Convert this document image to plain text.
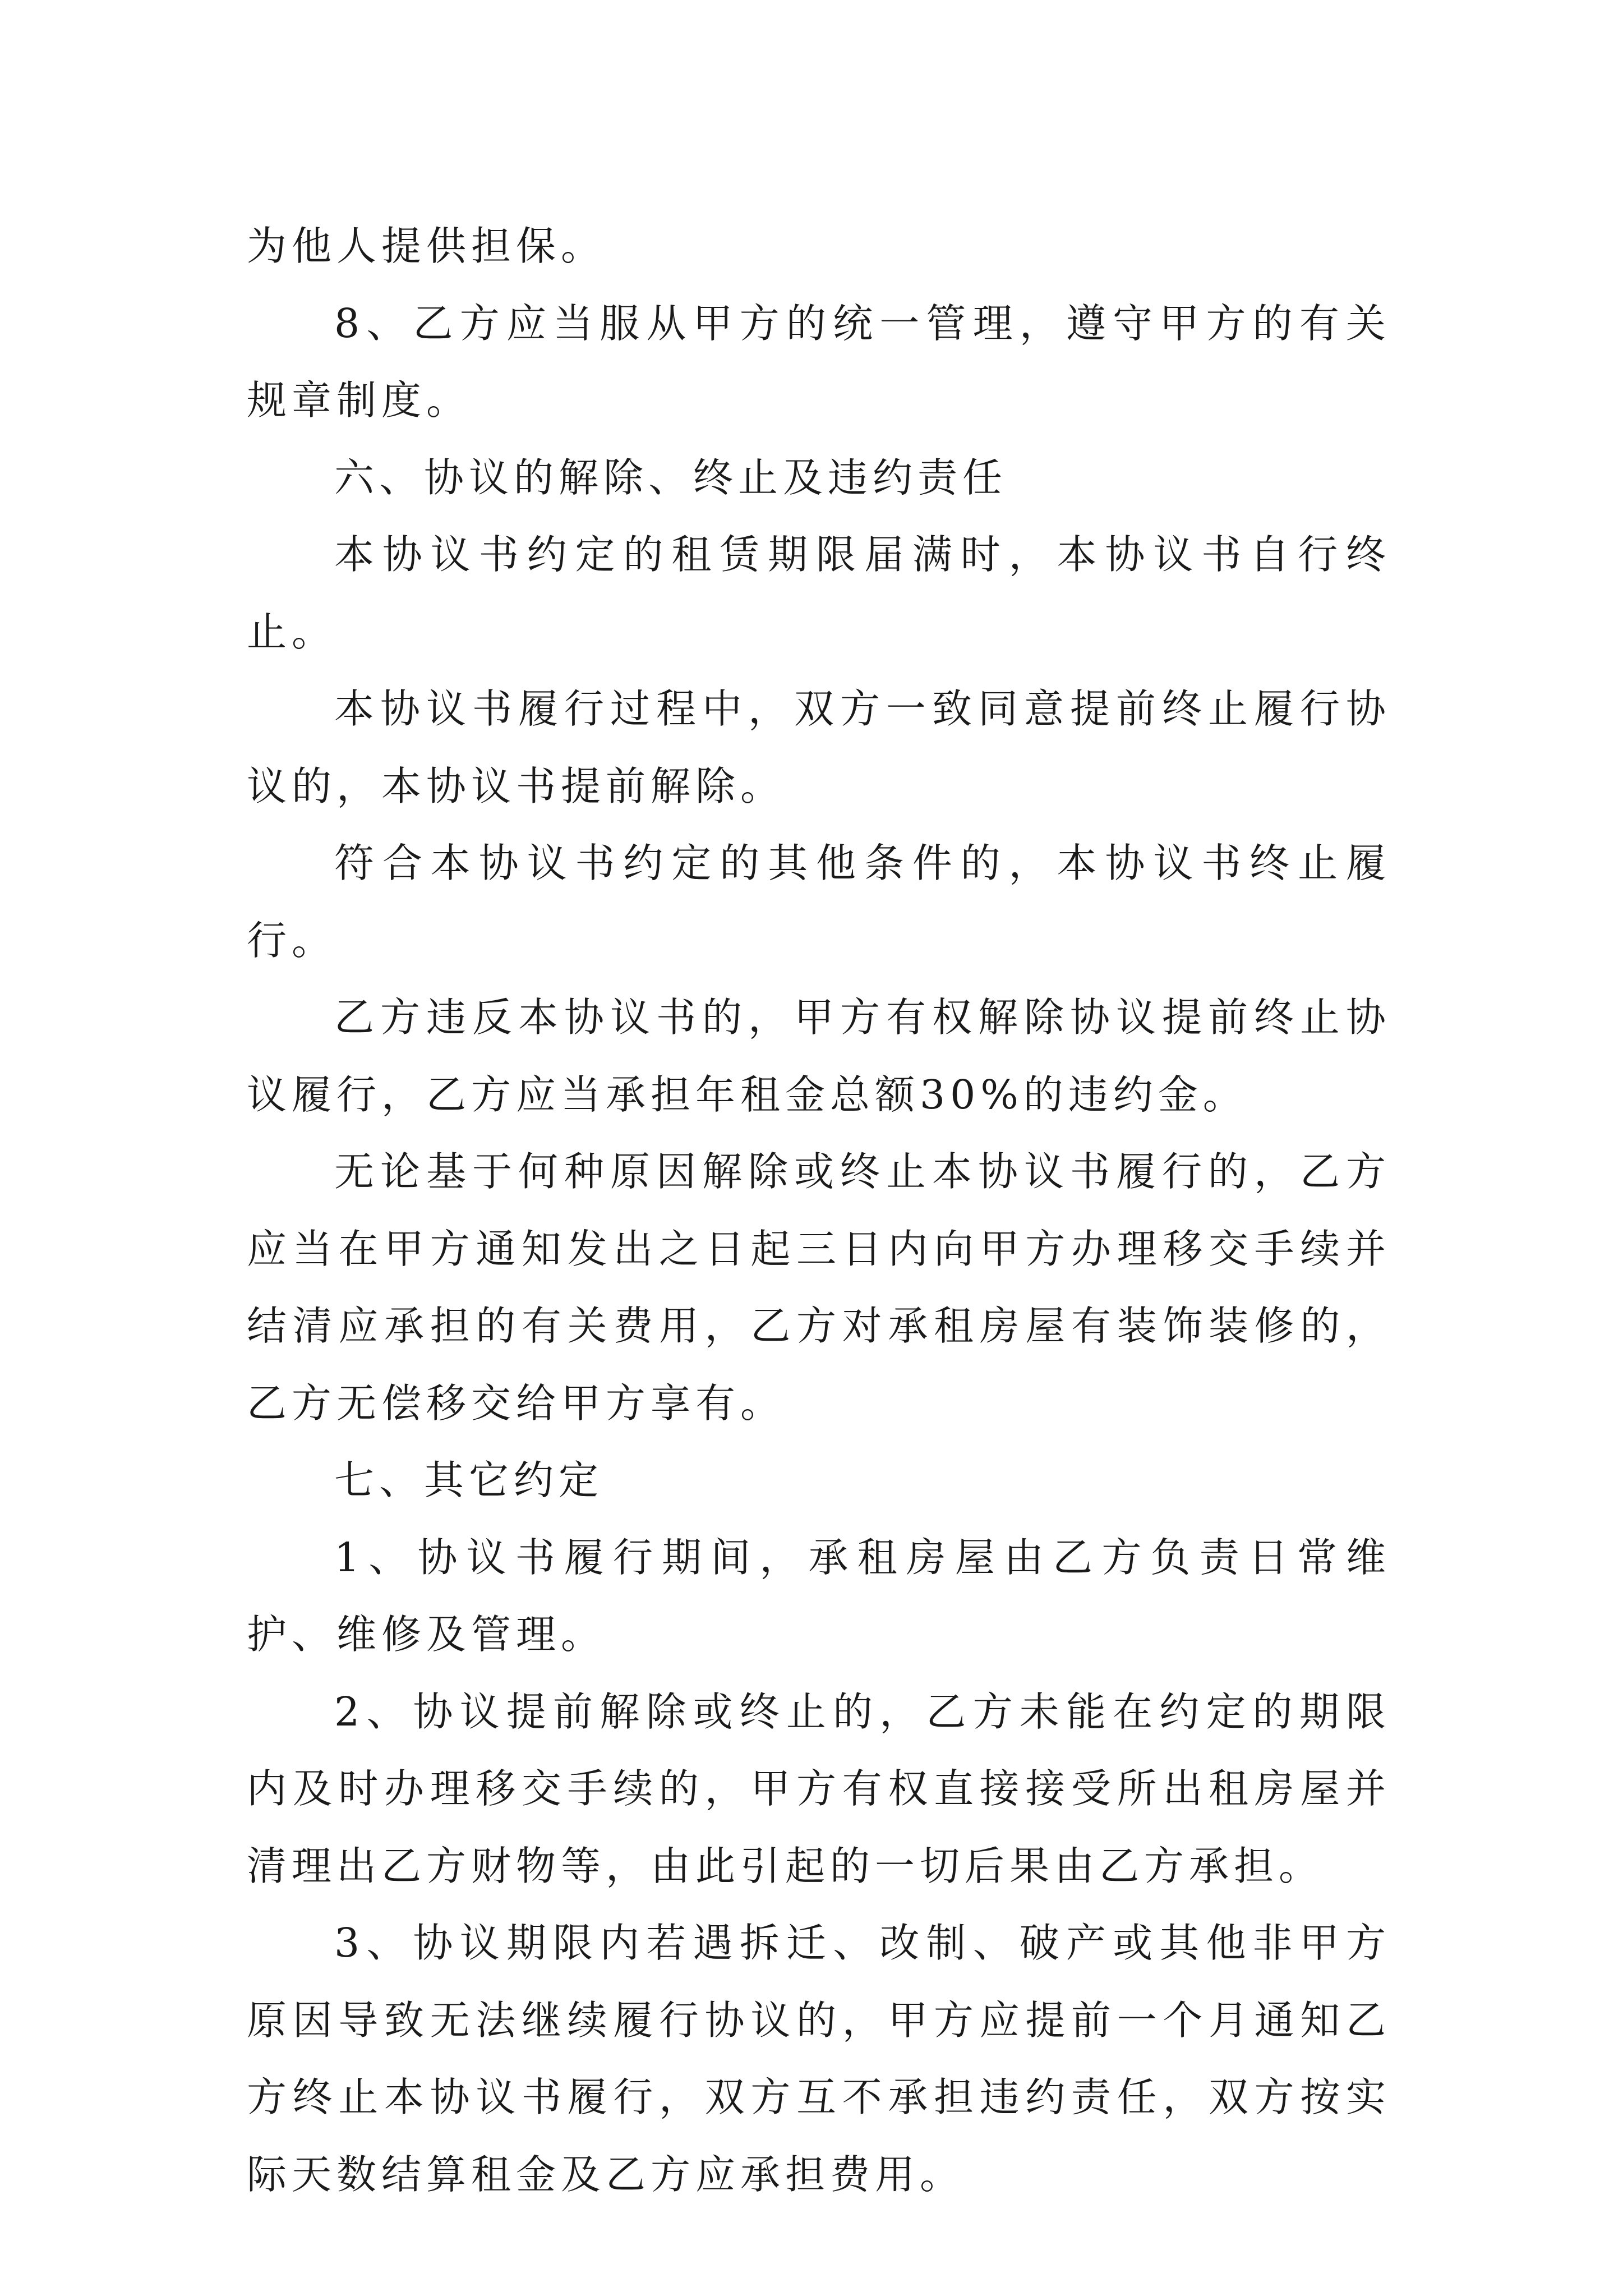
为他人提供担保。

8、乙方应当服从甲方的统一管理，遵守甲方的有关规章制度。

六、协议的解除、终止及违约责任

本协议书约定的租赁期限届满时，本协议书自行终止。

本协议书履行过程中，双方一致同意提前终止履行协议的，本协议书提前解除。

符合本协议书约定的其他条件的，本协议书终止履行。

乙方违反本协议书的，甲方有权解除协议提前终止协议履行，乙方应当承担年租金总额30%的违约金。

无论基于何种原因解除或终止本协议书履行的，乙方应当在甲方通知发出之日起三日内向甲方办理移交手续并结清应承担的有关费用，乙方对承租房屋有装饰装修的，乙方无偿移交给甲方享有。

七、其它约定

1、协议书履行期间，承租房屋由乙方负责日常维护、维修及管理。

2、协议提前解除或终止的，乙方未能在约定的期限内及时办理移交手续的，甲方有权直接接受所出租房屋并清理出乙方财物等，由此引起的一切后果由乙方承担。

3、协议期限内若遇拆迁、改制、破产或其他非甲方原因导致无法继续履行协议的，甲方应提前一个月通知乙方终止本协议书履行，双方互不承担违约责任，双方按实际天数结算租金及乙方应承担费用。
